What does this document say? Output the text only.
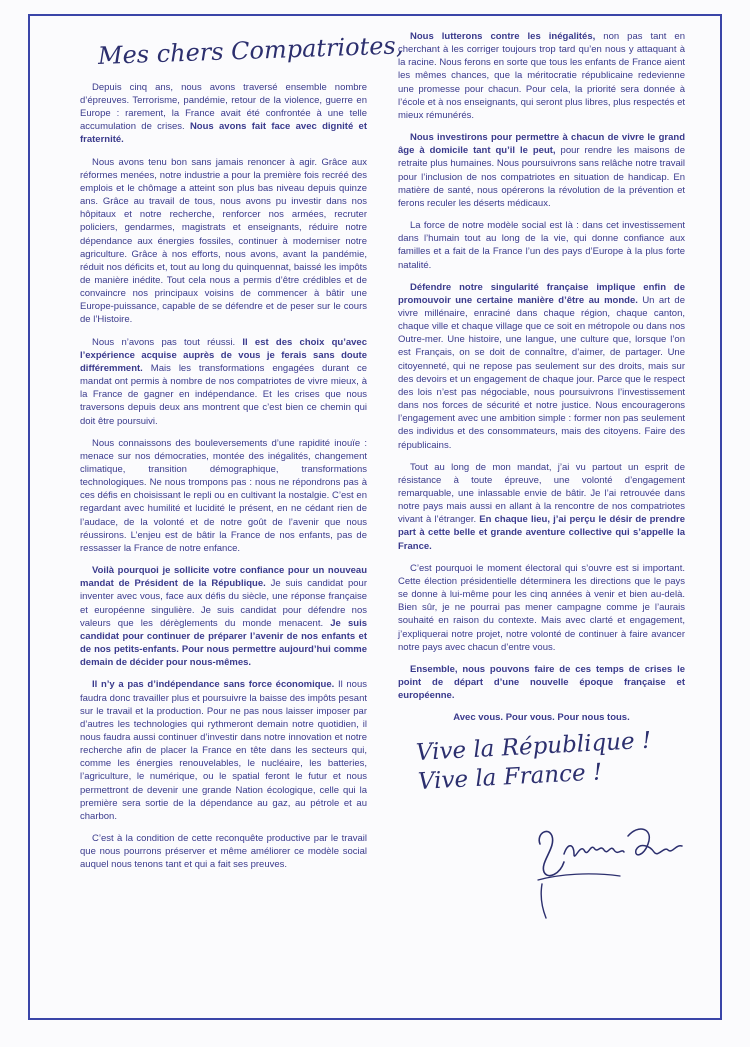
Mes chers Compatriotes,

Depuis cinq ans, nous avons traversé ensemble nombre d’épreuves. Terrorisme, pandémie, retour de la violence, guerre en Europe : rarement, la France avait été confrontée à une telle accumulation de crises. Nous avons fait face avec dignité et fraternité.

Nous avons tenu bon sans jamais renoncer à agir. Grâce aux réformes menées, notre industrie a pour la première fois recréé des emplois et le chômage a atteint son plus bas niveau depuis quinze ans. Grâce au travail de tous, nous avons pu investir dans nos hôpitaux et notre recherche, renforcer nos armées, recruter policiers, gendarmes, magistrats et enseignants, réduire notre dépendance aux énergies fossiles, continuer à moderniser notre agriculture. Grâce à nos efforts, nous avons, avant la pandémie, réduit nos déficits et, tout au long du quinquennat, baissé les impôts de manière inédite. Tout cela nous a permis d’être crédibles et de convaincre nos principaux voisins de commencer à bâtir une Europe-puissance, capable de se défendre et de peser sur le cours de l’Histoire.

Nous n’avons pas tout réussi. Il est des choix qu’avec l’expérience acquise auprès de vous je ferais sans doute différemment. Mais les transformations engagées durant ce mandat ont permis à nombre de nos compatriotes de vivre mieux, à la France de gagner en indépendance. Et les crises que nous traversons depuis deux ans montrent que c’est bien ce chemin qui doit être poursuivi.

Nous connaissons des bouleversements d’une rapidité inouïe : menace sur nos démocraties, montée des inégalités, changement climatique, transition démographique, transformations technologiques. Ne nous trompons pas : nous ne répondrons pas à ces défis en choisissant le repli ou en cultivant la nostalgie. C’est en regardant avec humilité et lucidité le présent, en ne cédant rien de l’audace, de la volonté et de notre goût de l’avenir que nous réussirons. L’enjeu est de bâtir la France de nos enfants, pas de ressasser la France de notre enfance.

Voilà pourquoi je sollicite votre confiance pour un nouveau mandat de Président de la République. Je suis candidat pour inventer avec vous, face aux défis du siècle, une réponse française et européenne singulière. Je suis candidat pour défendre nos valeurs que les dérèglements du monde menacent. Je suis candidat pour continuer de préparer l’avenir de nos enfants et de nos petits-enfants. Pour nous permettre aujourd’hui comme demain de décider pour nous-mêmes.

Il n’y a pas d’indépendance sans force économique. Il nous faudra donc travailler plus et poursuivre la baisse des impôts pesant sur le travail et la production. Pour ne pas nous laisser imposer par d’autres les technologies qui rythmeront demain notre quotidien, il nous faudra aussi continuer d’investir dans notre innovation et notre recherche afin de placer la France en tête dans les secteurs qui, comme les énergies renouvelables, le nucléaire, les batteries, l’agriculture, le numérique, ou le spatial feront le futur et nous permettront de devenir une grande Nation écologique, celle qui la première sera sortie de la dépendance au gaz, au pétrole et au charbon.

C’est à la condition de cette reconquête productive par le travail que nous pourrons préserver et même améliorer ce modèle social auquel nous tenons tant et qui a fait ses preuves.

Nous lutterons contre les inégalités, non pas tant en cherchant à les corriger toujours trop tard qu’en nous y attaquant à la racine. Nous ferons en sorte que tous les enfants de France aient les mêmes chances, que la méritocratie républicaine redevienne une promesse pour chacun. Pour cela, la priorité sera donnée à l’école et à nos enseignants, qui seront plus libres, plus respectés et mieux rémunérés.

Nous investirons pour permettre à chacun de vivre le grand âge à domicile tant qu’il le peut, pour rendre les maisons de retraite plus humaines. Nous poursuivrons sans relâche notre travail pour l’inclusion de nos compatriotes en situation de handicap. En matière de santé, nous opérerons la révolution de la prévention et ferons reculer les déserts médicaux.

La force de notre modèle social est là : dans cet investissement dans l’humain tout au long de la vie, qui donne confiance aux familles et a fait de la France l’un des pays d’Europe à la plus forte natalité.

Défendre notre singularité française implique enfin de promouvoir une certaine manière d’être au monde. Un art de vivre millénaire, enraciné dans chaque région, chaque canton, chaque ville et chaque village que ce soit en métropole ou dans nos Outre-mer. Une histoire, une langue, une culture que, lorsque l’on est Français, on se doit de connaître, d’aimer, de partager. Une citoyenneté, qui ne repose pas seulement sur des droits, mais sur des devoirs et un engagement de chaque jour. Parce que le respect des lois n’est pas négociable, nous poursuivrons l’investissement dans nos forces de sécurité et notre justice. Nous encouragerons l’engagement avec une ambition simple : former non pas seulement des individus et des consommateurs, mais des citoyens. Faire des républicains.

Tout au long de mon mandat, j’ai vu partout un esprit de résistance à toute épreuve, une volonté d’engagement remarquable, une inlassable envie de bâtir. Je l’ai retrouvée dans notre pays mais aussi en allant à la rencontre de nos compatriotes vivant à l’étranger. En chaque lieu, j’ai perçu le désir de prendre part à cette belle et grande aventure collective qui s’appelle la France.

C’est pourquoi le moment électoral qui s’ouvre est si important. Cette élection présidentielle déterminera les directions que le pays se donne à lui-même pour les cinq années à venir et bien au-delà. Bien sûr, je ne pourrai pas mener campagne comme je l’aurais souhaité en raison du contexte. Mais avec clarté et engagement, j’expliquerai notre projet, notre volonté de continuer à faire avancer notre pays avec chacun d’entre vous.

Ensemble, nous pouvons faire de ces temps de crises le point de départ d’une nouvelle époque française et européenne.

Avec vous. Pour vous. Pour nous tous.

Vive la République !
Vive la France !
